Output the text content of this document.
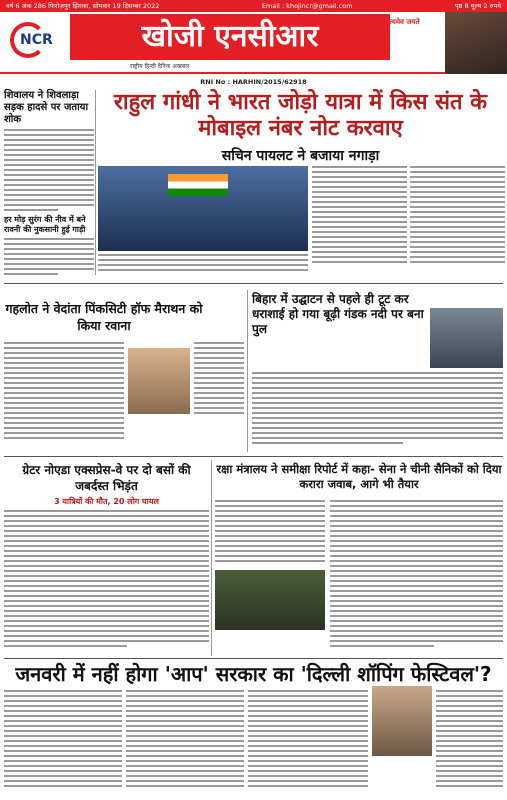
वर्ष 6 अंक 286 फिरोज़पुर झिरका, सोमवार 19 दिसम्बर 2022	Email : khojincr@gmail.com	पृष्ठ 8 मूल्य 2 रुपये
NCR	खोजी एनसीआर
राष्ट्रीय हिन्दी दैनिक अखबार
सत्यमेव जयते
RNI No : HARHIN/2015/62918
शिवालय ने शिवलाड़ा सड़क हादसे पर जताया शोक
हर मोड़ सुरंग की नीव में बने रावनी की नुकसानी हुई गाड़ी
राहुल गांधी ने भारत जोड़ो यात्रा में किस संत के मोबाइल नंबर नोट करवाए
सचिन पायलट ने बजाया नगाड़ा
गहलोत ने वेदांता पिंकसिटी हॉफ मैराथन को किया रवाना
बिहार में उद्घाटन से पहले ही टूट कर धराशाई हो गया बूढ़ी गंडक नदी पर बना पुल
ग्रेटर नोएडा एक्सप्रेस-वे पर दो बसों की जबर्दस्त भिड़ंत
3 यात्रियों की मौत, 20 लोग घायल
रक्षा मंत्रालय ने समीक्षा रिपोर्ट में कहा- सेना ने चीनी सैनिकों को दिया करारा जवाब, आगे भी तैयार
जनवरी में नहीं होगा 'आप' सरकार का 'दिल्ली शॉपिंग फेस्टिवल'?
